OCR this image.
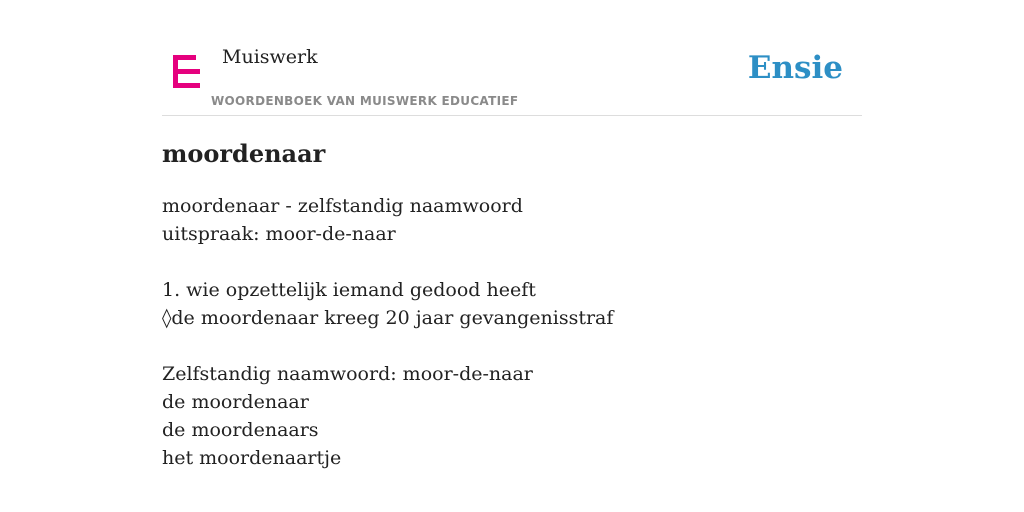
Muiswerk
WOORDENBOEK VAN MUISWERK EDUCATIEF
Ensie
moordenaar
moordenaar - zelfstandig naamwoord
uitspraak: moor-de-naar
1. wie opzettelijk iemand gedood heeft
◊de moordenaar kreeg 20 jaar gevangenisstraf
Zelfstandig naamwoord: moor-de-naar
de moordenaar
de moordenaars
het moordenaartje
